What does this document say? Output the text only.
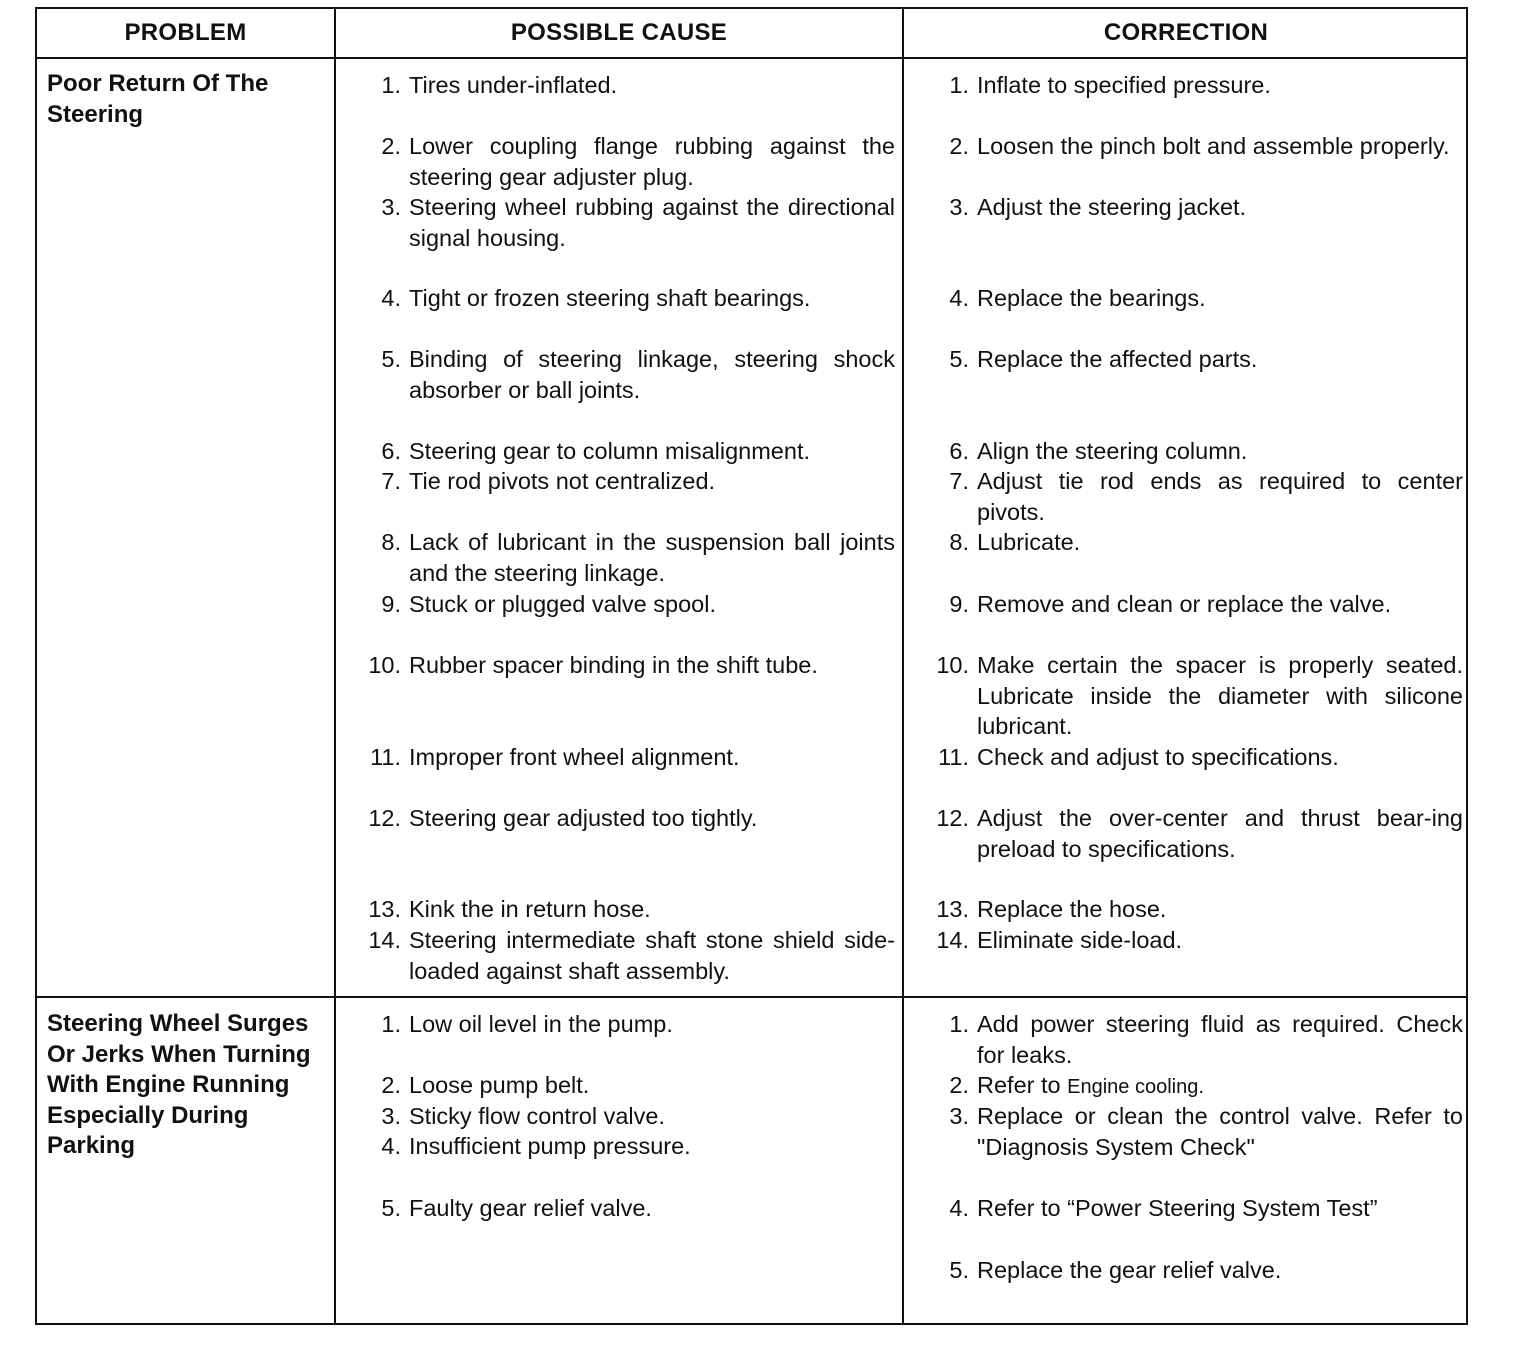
PROBLEM	POSSIBLE CAUSE	CORRECTION
Poor Return Of The Steering
1. Tires under-inflated.
2. Lower coupling flange rubbing against the steering gear adjuster plug.
3. Steering wheel rubbing against the directional signal housing.
4. Tight or frozen steering shaft bearings.
5. Binding of steering linkage, steering shock absorber or ball joints.
6. Steering gear to column misalignment.
7. Tie rod pivots not centralized.
8. Lack of lubricant in the suspension ball joints and the steering linkage.
9. Stuck or plugged valve spool.
10. Rubber spacer binding in the shift tube.
11. Improper front wheel alignment.
12. Steering gear adjusted too tightly.
13. Kink the in return hose.
14. Steering intermediate shaft stone shield side-loaded against shaft assembly.
1. Inflate to specified pressure.
2. Loosen the pinch bolt and assemble properly.
3. Adjust the steering jacket.
4. Replace the bearings.
5. Replace the affected parts.
6. Align the steering column.
7. Adjust tie rod ends as required to center pivots.
8. Lubricate.
9. Remove and clean or replace the valve.
10. Make certain the spacer is properly seated. Lubricate inside the diameter with silicone lubricant.
11. Check and adjust to specifications.
12. Adjust the over-center and thrust bear-ing preload to specifications.
13. Replace the hose.
14. Eliminate side-load.
Steering Wheel Surges Or Jerks When Turning With Engine Running Especially During Parking
1. Low oil level in the pump.
2. Loose pump belt.
3. Sticky flow control valve.
4. Insufficient pump pressure.
5. Faulty gear relief valve.
1. Add power steering fluid as required. Check for leaks.
2. Refer to Engine cooling.
3. Replace or clean the control valve. Refer to "Diagnosis System Check"
4. Refer to “Power Steering System Test”
5. Replace the gear relief valve.
